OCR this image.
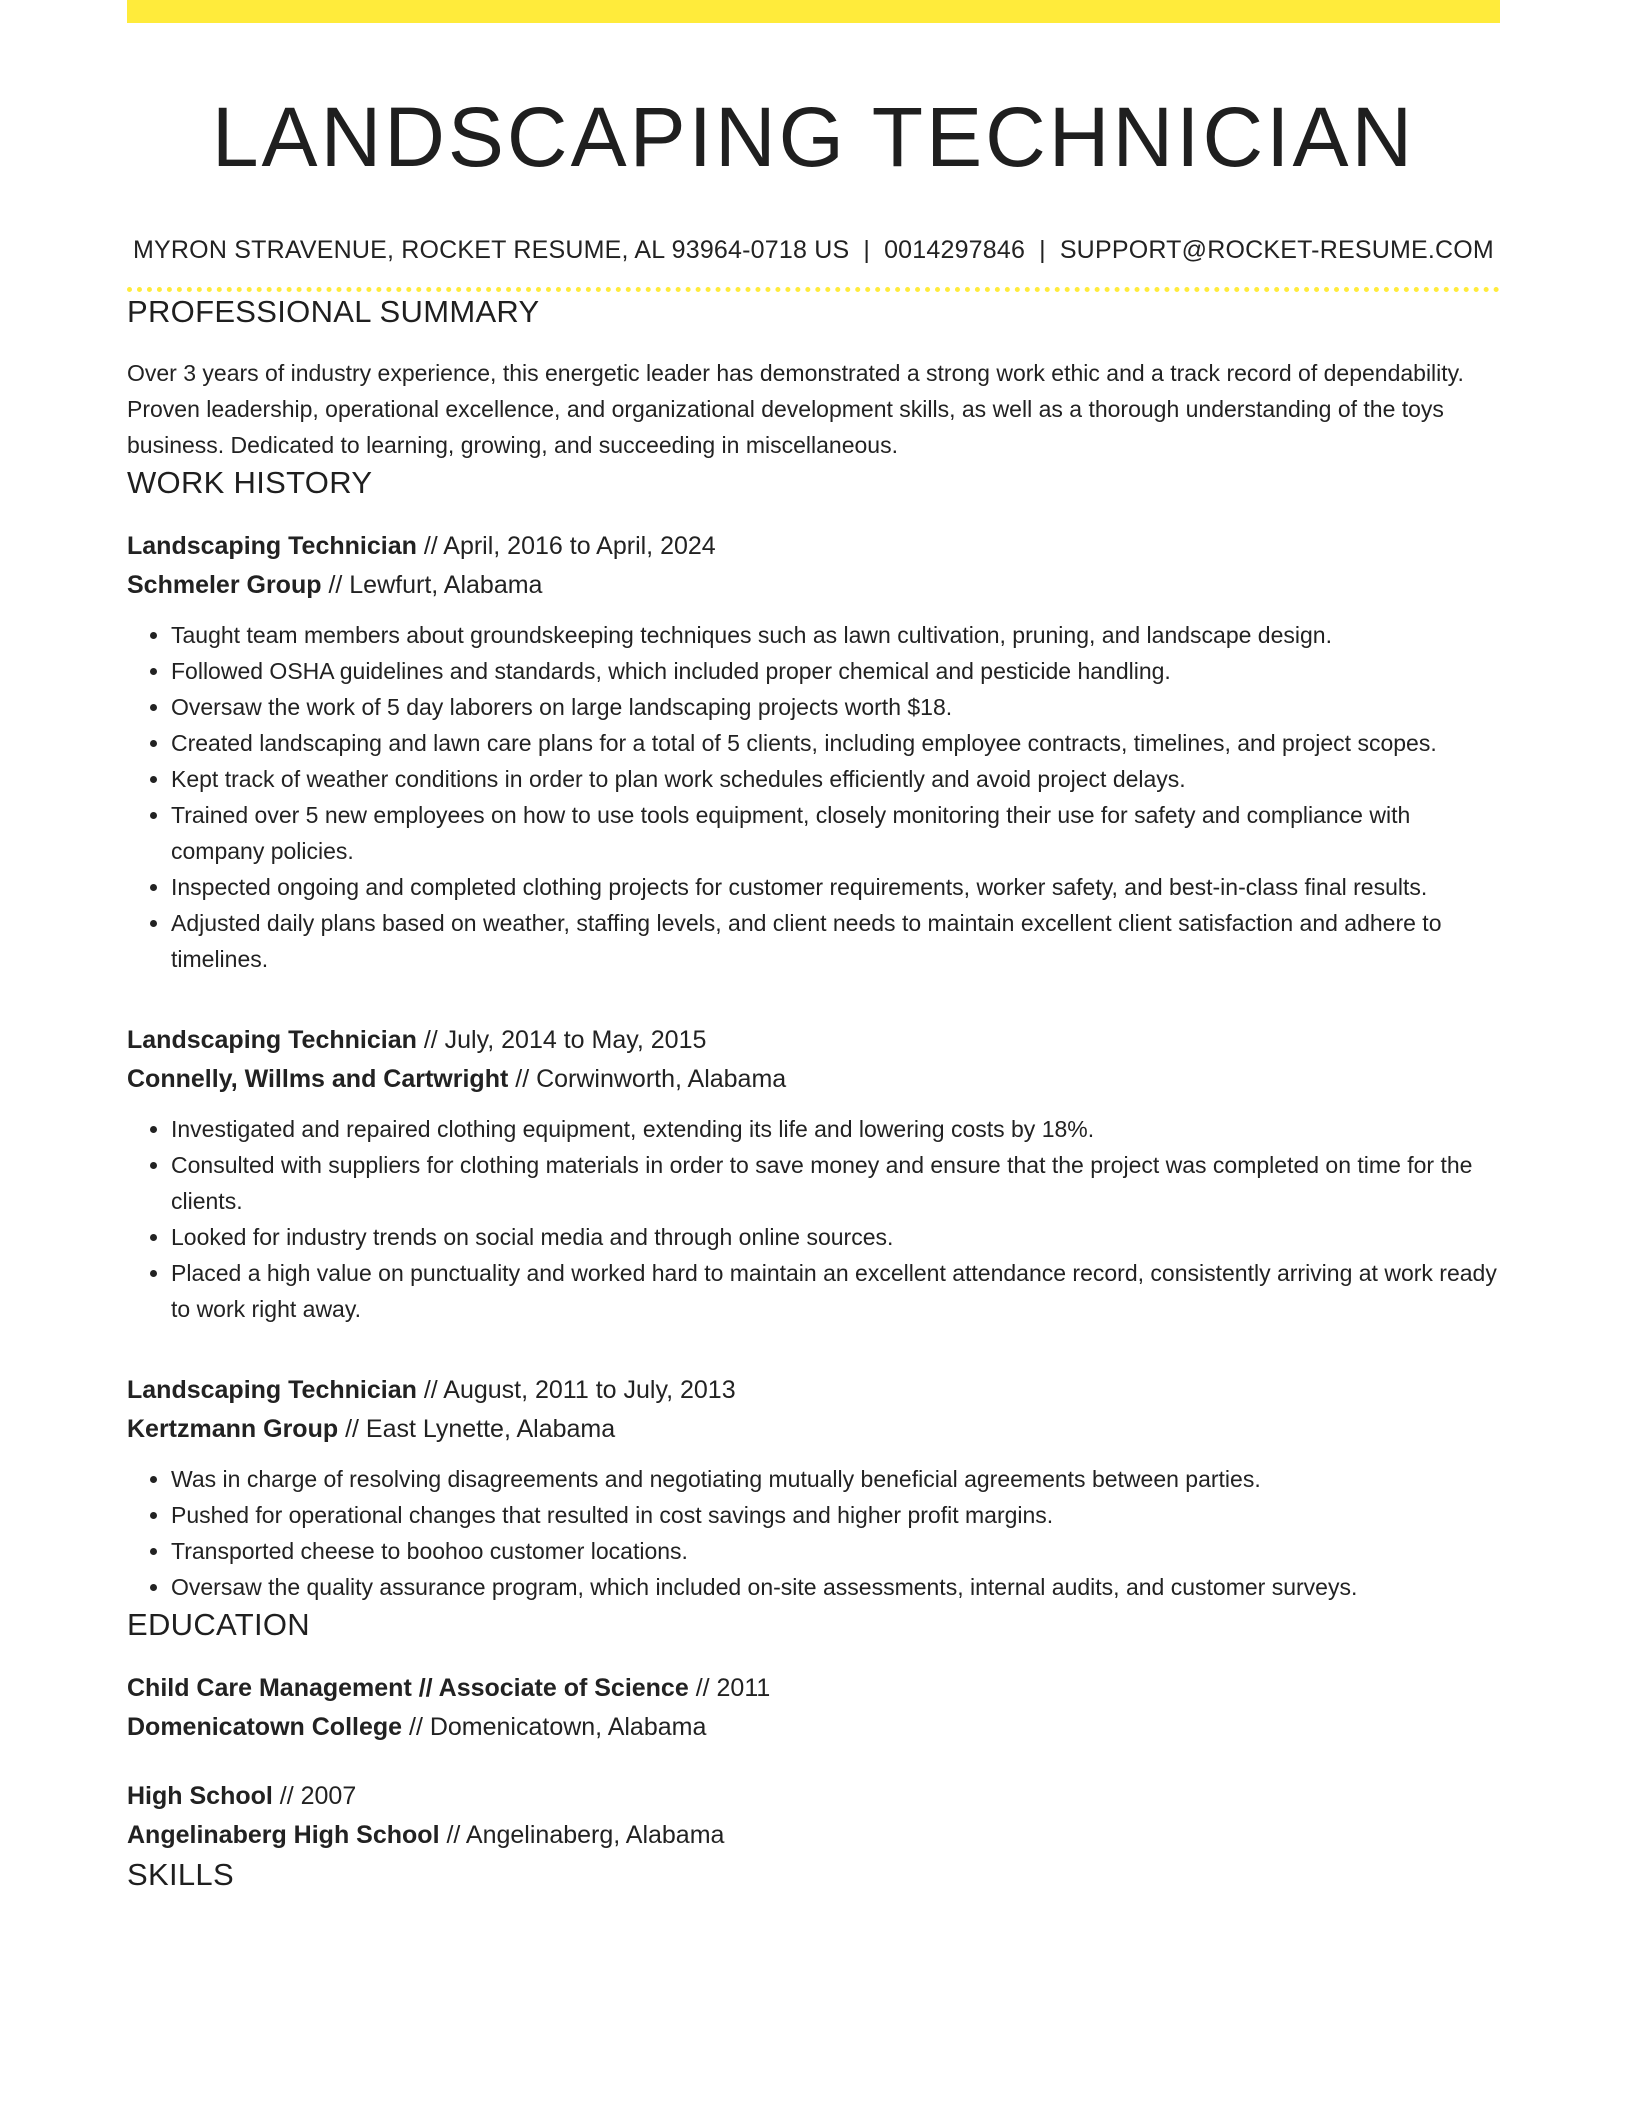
LANDSCAPING TECHNICIAN
MYRON STRAVENUE, ROCKET RESUME, AL 93964-0718 US | 0014297846 | SUPPORT@ROCKET-RESUME.COM
PROFESSIONAL SUMMARY

Over 3 years of industry experience, this energetic leader has demonstrated a strong work ethic and a track record of dependability. Proven leadership, operational excellence, and organizational development skills, as well as a thorough understanding of the toys business. Dedicated to learning, growing, and succeeding in miscellaneous.

WORK HISTORY
Landscaping Technician // April, 2016 to April, 2024
Schmeler Group // Lewfurt, Alabama
• Taught team members about groundskeeping techniques such as lawn cultivation, pruning, and landscape design.
• Followed OSHA guidelines and standards, which included proper chemical and pesticide handling.
• Oversaw the work of 5 day laborers on large landscaping projects worth $18.
• Created landscaping and lawn care plans for a total of 5 clients, including employee contracts, timelines, and project scopes.
• Kept track of weather conditions in order to plan work schedules efficiently and avoid project delays.
• Trained over 5 new employees on how to use tools equipment, closely monitoring their use for safety and compliance with company policies.
• Inspected ongoing and completed clothing projects for customer requirements, worker safety, and best-in-class final results.
• Adjusted daily plans based on weather, staffing levels, and client needs to maintain excellent client satisfaction and adhere to timelines.
Landscaping Technician // July, 2014 to May, 2015
Connelly, Willms and Cartwright // Corwinworth, Alabama
• Investigated and repaired clothing equipment, extending its life and lowering costs by 18%.
• Consulted with suppliers for clothing materials in order to save money and ensure that the project was completed on time for the clients.
• Looked for industry trends on social media and through online sources.
• Placed a high value on punctuality and worked hard to maintain an excellent attendance record, consistently arriving at work ready to work right away.
Landscaping Technician // August, 2011 to July, 2013
Kertzmann Group // East Lynette, Alabama
• Was in charge of resolving disagreements and negotiating mutually beneficial agreements between parties.
• Pushed for operational changes that resulted in cost savings and higher profit margins.
• Transported cheese to boohoo customer locations.
• Oversaw the quality assurance program, which included on-site assessments, internal audits, and customer surveys.
EDUCATION
Child Care Management // Associate of Science // 2011
Domenicatown College // Domenicatown, Alabama
High School // 2007
Angelinaberg High School // Angelinaberg, Alabama
SKILLS
